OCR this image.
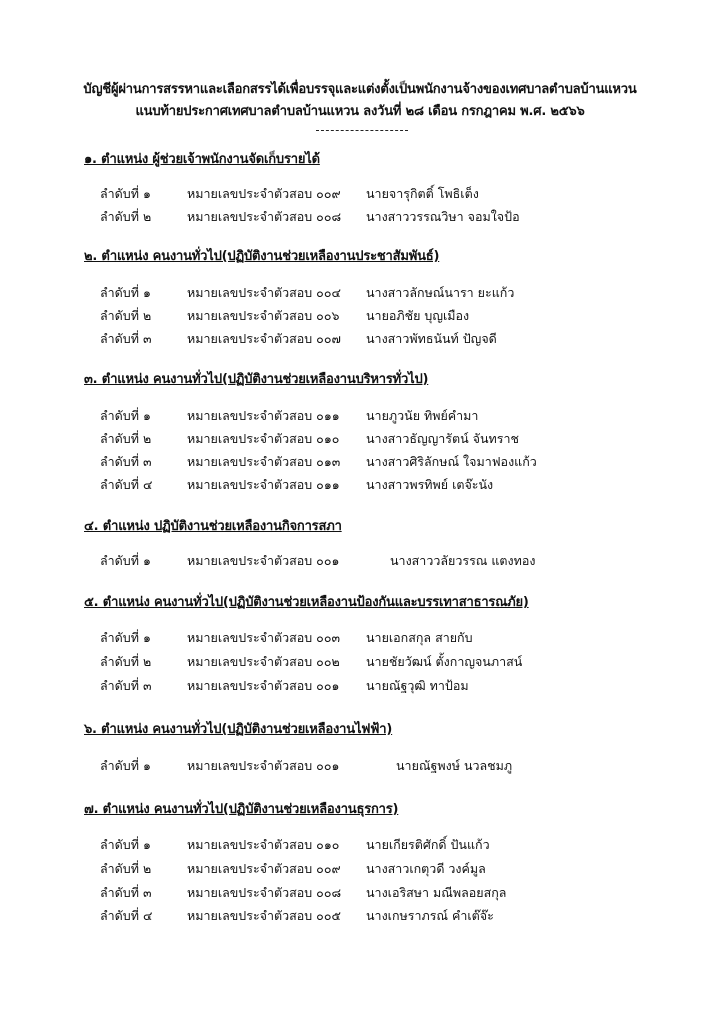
บัญชีผู้ผ่านการสรรหาและเลือกสรรได้เพื่อบรรจุและแต่งตั้งเป็นพนักงานจ้างของเทศบาลตำบลบ้านแหวน
แนบท้ายประกาศเทศบาลตำบลบ้านแหวน ลงวันที่ ๒๘ เดือน กรกฎาคม พ.ศ. ๒๕๖๖
๑. ตำแหน่ง ผู้ช่วยเจ้าพนักงานจัดเก็บรายได้
ลำดับที่ ๑	หมายเลขประจำตัวสอบ ๐๐๙ นายจารุกิตติ์ โพธิเต็ง
ลำดับที่ ๒	หมายเลขประจำตัวสอบ ๐๐๘ นางสาววรรณวิษา จอมใจป้อ
๒. ตำแหน่ง คนงานทั่วไป(ปฏิบัติงานช่วยเหลืองานประชาสัมพันธ์)
ลำดับที่ ๑	หมายเลขประจำตัวสอบ ๐๐๔ นางสาวลักษณ์นารา ยะแก้ว
ลำดับที่ ๒	หมายเลขประจำตัวสอบ ๐๐๖ นายอภิชัย บุญเมือง
ลำดับที่ ๓	หมายเลขประจำตัวสอบ ๐๐๗ นางสาวพัทธนันท์ ปัญจดี
๓. ตำแหน่ง คนงานทั่วไป(ปฏิบัติงานช่วยเหลืองานบริหารทั่วไป)
ลำดับที่ ๑	หมายเลขประจำตัวสอบ ๐๑๑ นายภูวนัย ทิพย์คำมา
ลำดับที่ ๒	หมายเลขประจำตัวสอบ ๐๑๐ นางสาวธัญญารัตน์ จันทราช
ลำดับที่ ๓	หมายเลขประจำตัวสอบ ๐๑๓ นางสาวศิริลักษณ์ ใจมาฟองแก้ว
ลำดับที่ ๔	หมายเลขประจำตัวสอบ ๐๑๑ นางสาวพรทิพย์ เตจ๊ะนัง
๔. ตำแหน่ง ปฏิบัติงานช่วยเหลืองานกิจการสภา
ลำดับที่ ๑	หมายเลขประจำตัวสอบ ๐๐๑	นางสาววลัยวรรณ แตงทอง
๕. ตำแหน่ง คนงานทั่วไป(ปฏิบัติงานช่วยเหลืองานป้องกันและบรรเทาสาธารณภัย)
ลำดับที่ ๑	หมายเลขประจำตัวสอบ ๐๐๓ นายเอกสกุล สายกับ
ลำดับที่ ๒	หมายเลขประจำตัวสอบ ๐๐๒ นายชัยวัฒน์ ตั้งกาญจนภาสน์
ลำดับที่ ๓	หมายเลขประจำตัวสอบ ๐๐๑ นายณัฐวุฒิ ทาป้อม
๖. ตำแหน่ง คนงานทั่วไป(ปฏิบัติงานช่วยเหลืองานไฟฟ้า)
ลำดับที่ ๑	หมายเลขประจำตัวสอบ ๐๐๑	นายณัฐพงษ์ นวลชมภู
๗. ตำแหน่ง คนงานทั่วไป(ปฏิบัติงานช่วยเหลืองานธุรการ)
ลำดับที่ ๑	หมายเลขประจำตัวสอบ ๐๑๐ นายเกียรติศักดิ์ ปันแก้ว
ลำดับที่ ๒	หมายเลขประจำตัวสอบ ๐๐๙ นางสาวเกตุวดี วงค์มูล
ลำดับที่ ๓	หมายเลขประจำตัวสอบ ๐๐๘ นางเอริสษา มณีพลอยสกุล
ลำดับที่ ๔	หมายเลขประจำตัวสอบ ๐๐๕ นางเกษราภรณ์ คำเต๊จ๊ะ
